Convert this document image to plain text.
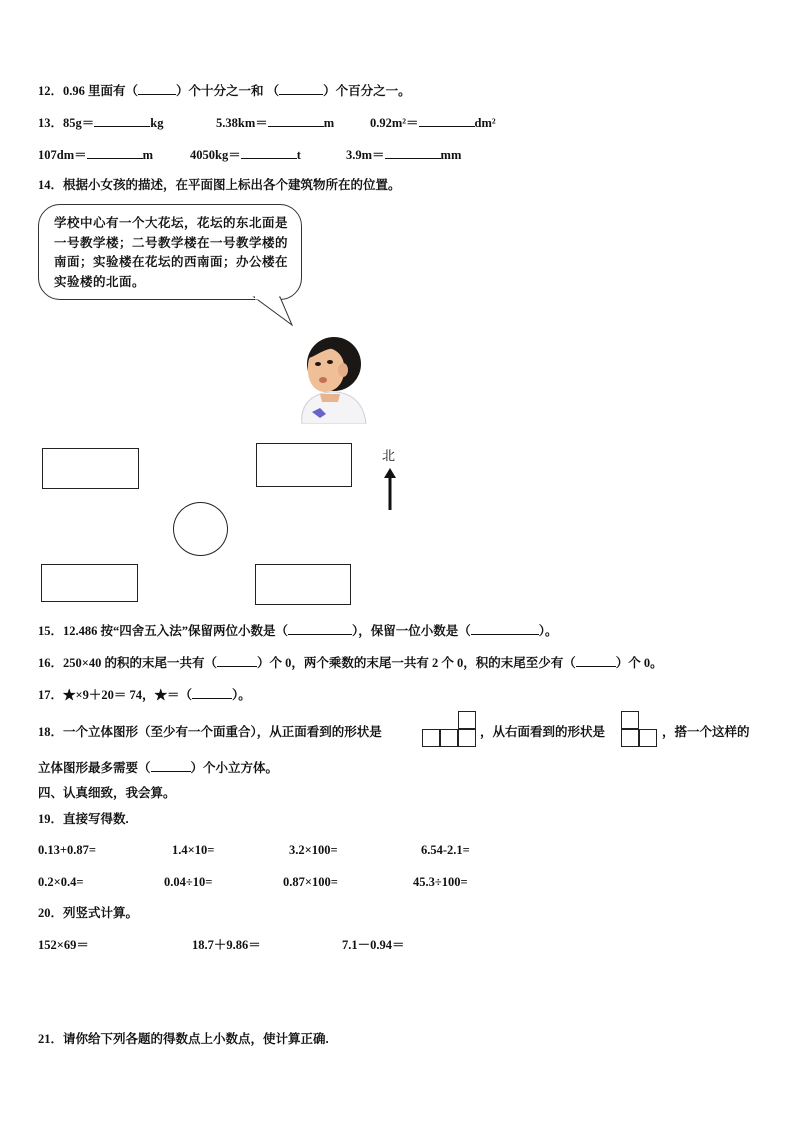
12．0.96 里面有（	）个十分之一和 （	）个百分之一。
13．85g＝	kg	5.38km＝	m	0.92m²＝	dm²
107dm＝	m	4050kg＝	t	3.9m＝	mm
14．根据小女孩的描述，在平面图上标出各个建筑物所在的位置。
学校中心有一个大花坛，花坛的东北面是一号教学楼；二号教学楼在一号教学楼的南面；实验楼在花坛的西南面；办公楼在实验楼的北面。
北
15．12.486 按“四舍五入法”保留两位小数是（	），保留一位小数是（	）。
16．250×40 的积的末尾一共有（	）个 0，两个乘数的末尾一共有 2 个 0，积的末尾至少有（	）个 0。
17．★×9＋20＝ 74，★＝（	）。
18．一个立体图形（至少有一个面重合），从正面看到的形状是	，从右面看到的形状是	，搭一个这样的
立体图形最多需要（	）个小立方体。
四、认真细致，我会算。
19．直接写得数.
0.13+0.87=	1.4×10=	3.2×100=	6.54-2.1=
0.2×0.4=	0.04÷10=	0.87×100=	45.3÷100=
20．列竖式计算。
152×69＝	18.7＋9.86＝	7.1－0.94＝
21．请你给下列各题的得数点上小数点，使计算正确.
